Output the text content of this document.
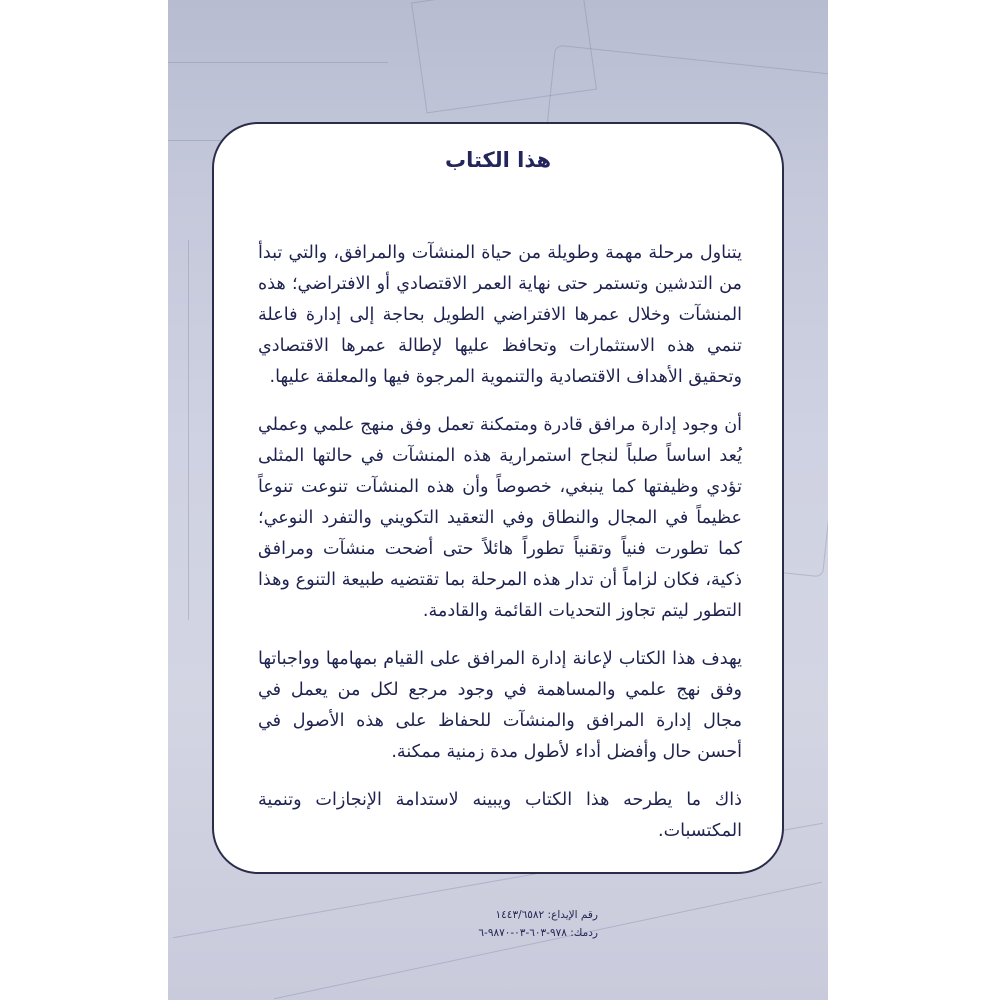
هذا الكتاب

يتناول مرحلة مهمة وطويلة من حياة المنشآت والمرافق، والتي تبدأ من التدشين وتستمر حتى نهاية العمر الاقتصادي أو الافتراضي؛ هذه المنشآت وخلال عمرها الافتراضي الطويل بحاجة إلى إدارة فاعلة تنمي هذه الاستثمارات وتحافظ عليها لإطالة عمرها الاقتصادي وتحقيق الأهداف الاقتصادية والتنموية المرجوة فيها والمعلقة عليها.

أن وجود إدارة مرافق قادرة ومتمكنة تعمل وفق منهج علمي وعملي يُعد اساساً صلباً لنجاح استمرارية هذه المنشآت في حالتها المثلى تؤدي وظيفتها كما ينبغي، خصوصاً وأن هذه المنشآت تنوعت تنوعاً عظيماً في المجال والنطاق وفي التعقيد التكويني والتفرد النوعي؛ كما تطورت فنياً وتقنياً تطوراً هائلاً حتى أضحت منشآت ومرافق ذكية، فكان لزاماً أن تدار هذه المرحلة بما تقتضيه طبيعة التنوع وهذا التطور ليتم تجاوز التحديات القائمة والقادمة.

يهدف هذا الكتاب لإعانة إدارة المرافق على القيام بمهامها وواجباتها وفق نهج علمي والمساهمة في وجود مرجع لكل من يعمل في مجال إدارة المرافق والمنشآت للحفاظ على هذه الأصول في أحسن حال وأفضل أداء لأطول مدة زمنية ممكنة.

ذاك ما يطرحه هذا الكتاب ويبينه لاستدامة الإنجازات وتنمية المكتسبات.

رقم الإيداع: ١٤٤٣/٦٥٨٢
ردمك: ٩٧٨-٦٠٣-٠٣-٩٨٧٠-٦
